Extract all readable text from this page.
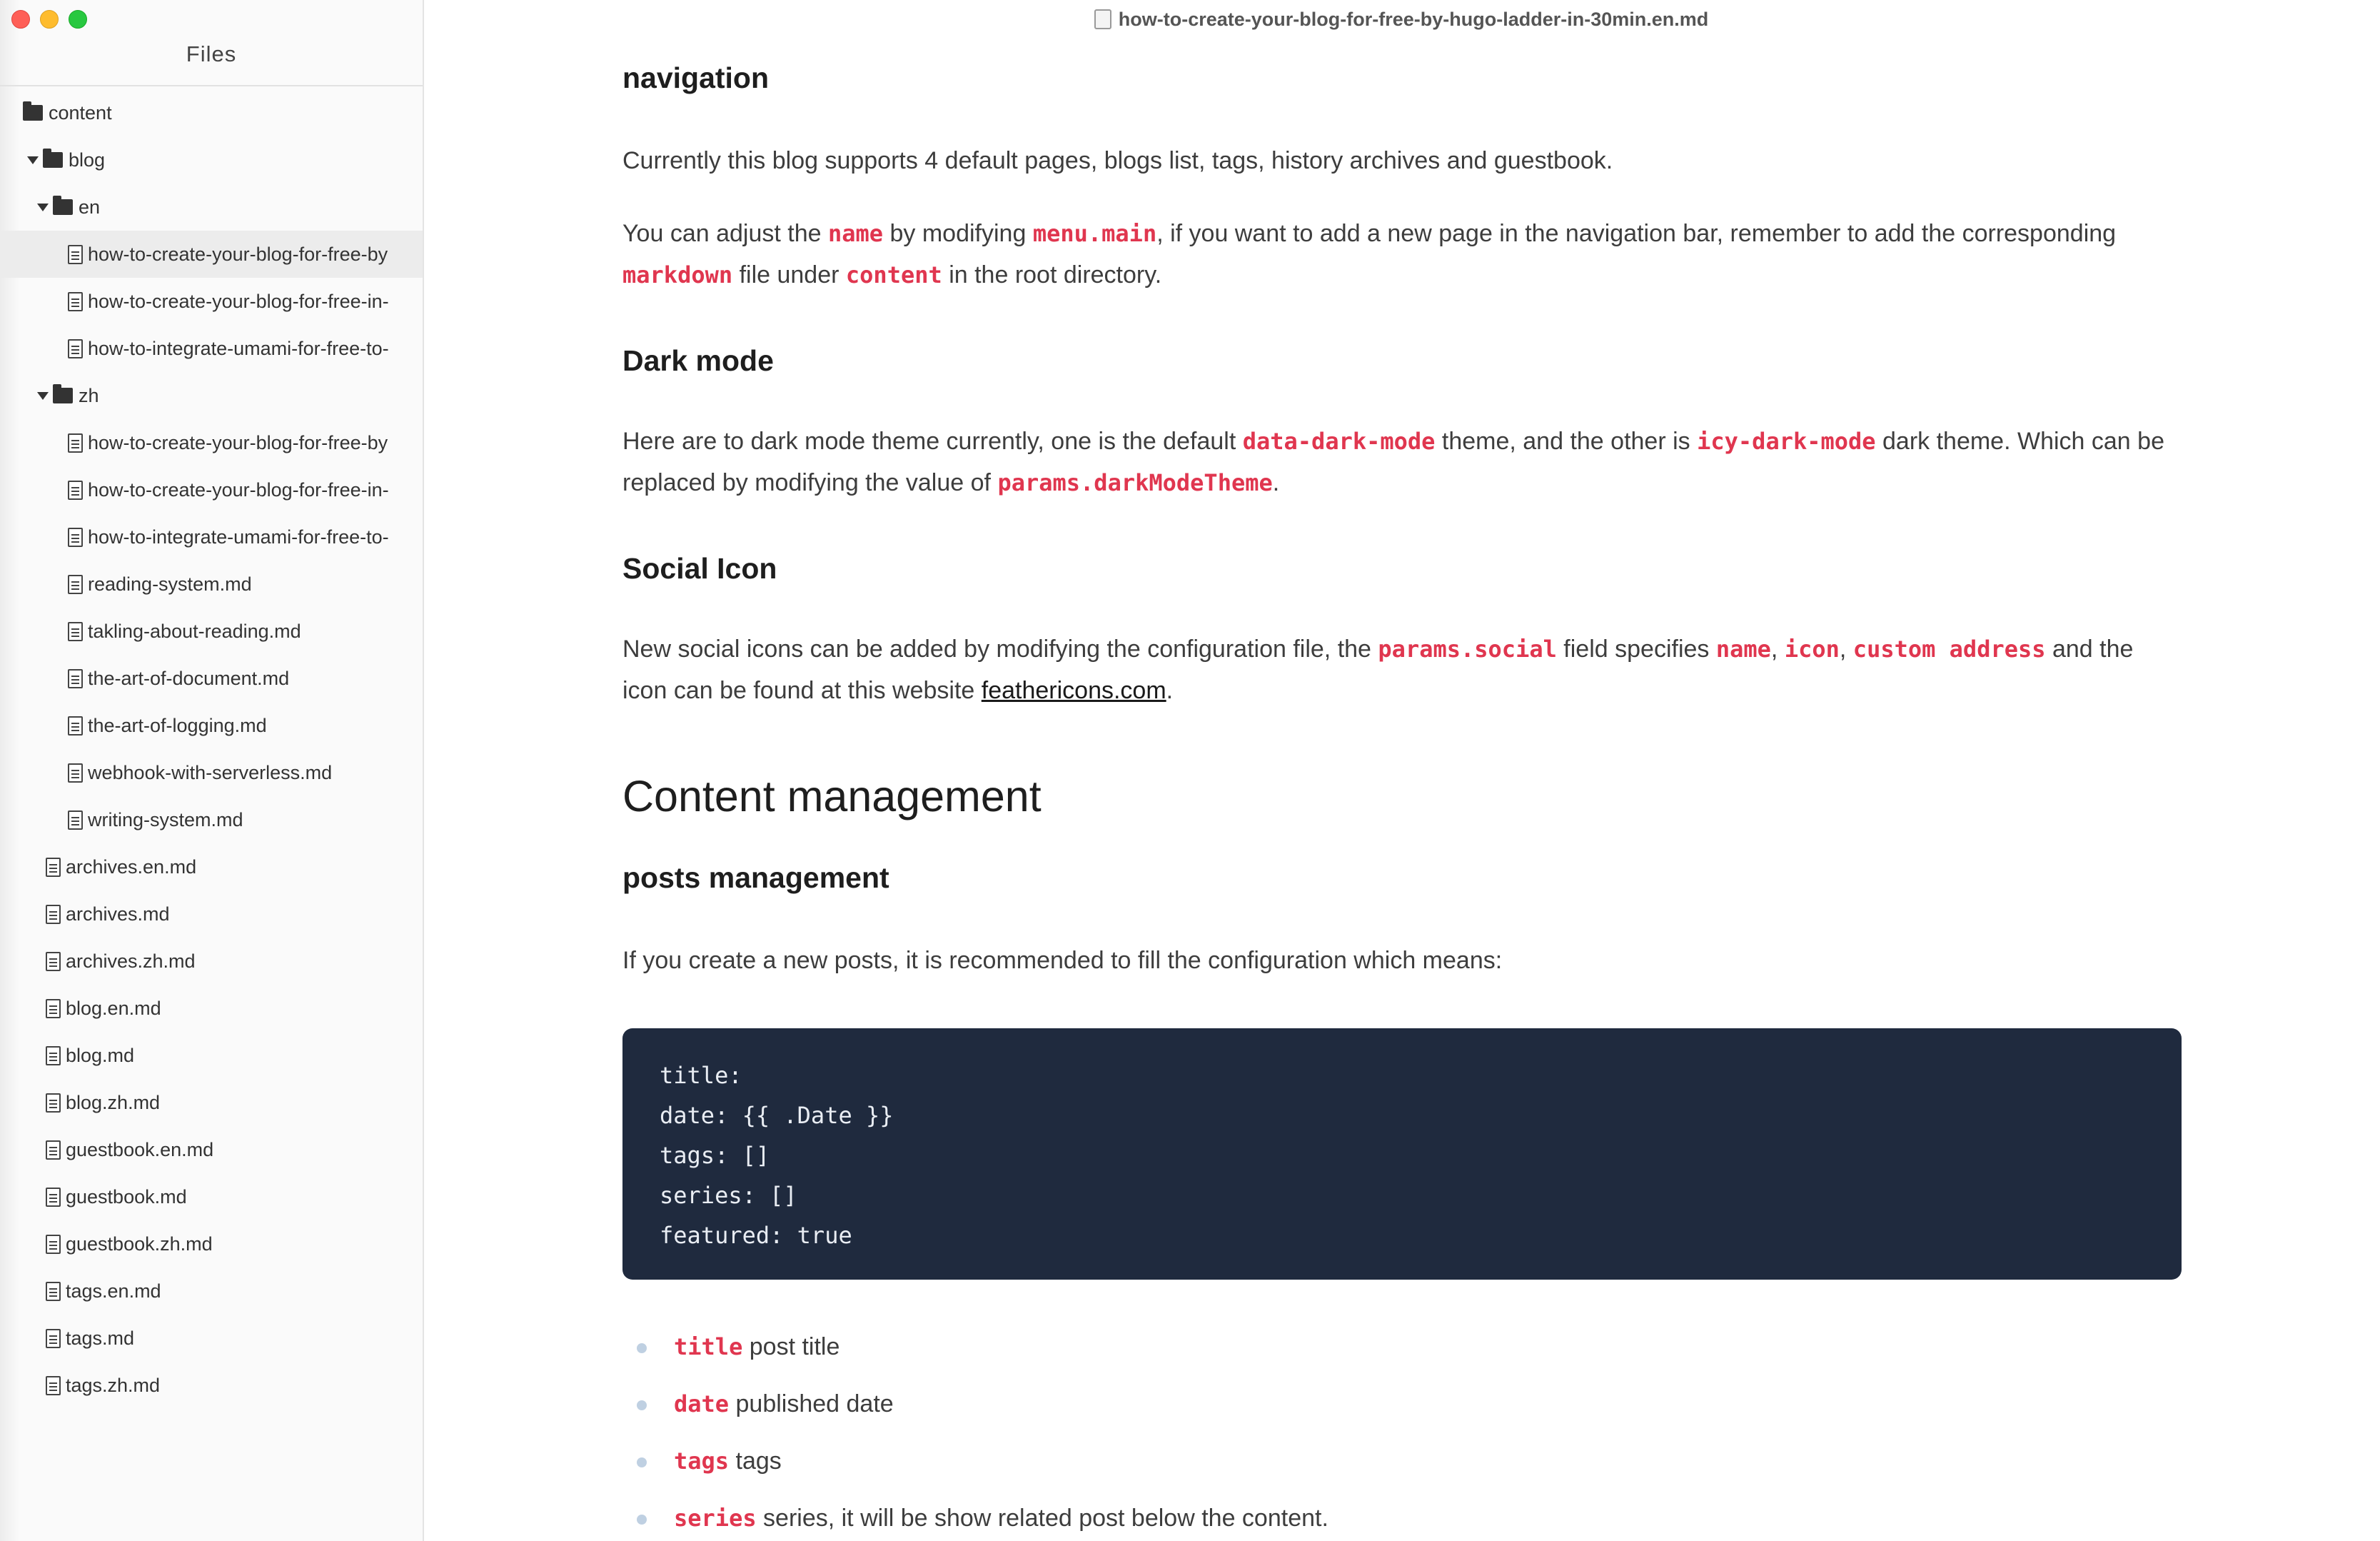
how-to-create-your-blog-for-free-by-hugo-ladder-in-30min.en.md
Files
content
blog
en
how-to-create-your-blog-for-free-by
how-to-create-your-blog-for-free-in-
how-to-integrate-umami-for-free-to-
zh
how-to-create-your-blog-for-free-by
how-to-create-your-blog-for-free-in-
how-to-integrate-umami-for-free-to-
reading-system.md
takling-about-reading.md
the-art-of-document.md
the-art-of-logging.md
webhook-with-serverless.md
writing-system.md
archives.en.md
archives.md
archives.zh.md
blog.en.md
blog.md
blog.zh.md
guestbook.en.md
guestbook.md
guestbook.zh.md
tags.en.md
tags.md
tags.zh.md
navigation

Currently this blog supports 4 default pages, blogs list, tags, history archives and guestbook.

You can adjust the name by modifying menu.main, if you want to add a new page in the navigation bar, remember to add the corresponding markdown file under content in the root directory.

Dark mode

Here are to dark mode theme currently, one is the default data-dark-mode theme, and the other is icy-dark-mode dark theme. Which can be replaced by modifying the value of params.darkModeTheme.

Social Icon

New social icons can be added by modifying the configuration file, the params.social field specifies name, icon, custom address and the icon can be found at this website feathericons.com.

Content management
posts management

If you create a new posts, it is recommended to fill the configuration which means:

title:
date: {{ .Date }}
tags: []
series: []
featured: true
title post title
date published date
tags tags
series series, it will be show related post below the content.
